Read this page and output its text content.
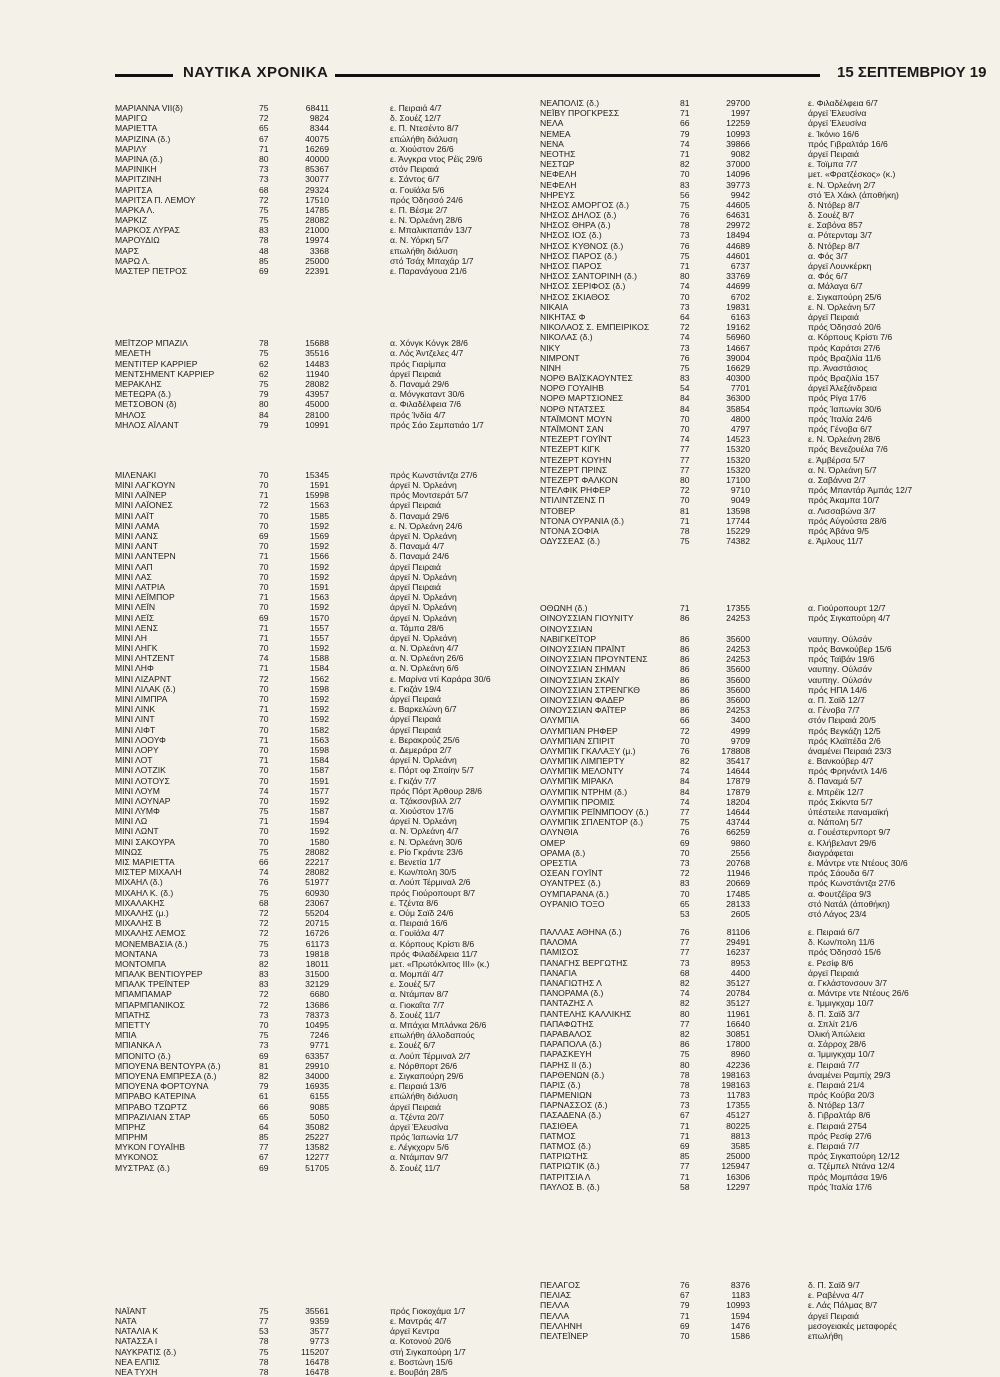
ΝΑΥΤΙΚΑ ΧΡΟΝΙΚΑ	15 ΣΕΠΤΕΜΒΡΙΟΥ 19
ΜΑΡΙΑΝΝΑ VII(δ)	75	68411	ε. Πειραιά 4/7
ΜΑΡΙΓΩ	72	9824	δ. Σουέζ 12/7
ΜΑΡΙΕΤΤΑ	65	8344	ε. Π. Ντεσέντο 8/7
ΜΑΡΙΖΙΝΑ (δ.)	67	40075	επώλήθη διάλυση
ΜΑΡΙΛΥ	71	16269	α. Χιούστον 26/6
ΜΑΡΙΝΑ (δ.)	80	40000	ε. Άνγκρα ντος Ρέϊς 29/6
ΜΑΡΙΝΙΚΗ	73	85367	στόν Πειραιά
ΜΑΡΙΤΖΙΝΗ	73	30077	ε. Σάντος 6/7
ΜΑΡΙΤΣΑ	68	29324	α. Γουϊάλα 5/6
ΜΑΡΙΤΣΑ Π. ΛΕΜΟΥ	72	17510	πρός Όδησσό 24/6
ΜΑΡΚΑ Λ.	75	14785	ε. Π. Βέσμε 2/7
ΜΑΡΚΙΖ	75	28082	ε. Ν. Όρλεάνη 28/6
ΜΑΡΚΟΣ ΛΥΡΑΣ	83	21000	ε. Μπαλικπαπάν 13/7
ΜΑΡΟΥΔΙΩ	78	19974	α. Ν. Υόρκη 5/7
ΜΑΡΣ	48	3368	επωλήθη διάλυση
ΜΑΡΩ Λ.	85	25000	στό Τσάχ Μπαχάρ 1/7
ΜΑΣΤΕΡ ΠΕΤΡΟΣ	69	22391	ε. Παρανάγουα 21/6
ΜΕΪΤΖΟΡ ΜΠΑΖΙΛ	78	15688	α. Χόνγκ Κόνγκ 28/6
ΜΕΛΕΤΗ	75	35516	α. Λός Άντζελες 4/7
ΜΕΝΤΙΤΕΡ ΚΑΡΡΙΕΡ	62	14483	πρός Γιαρίμπα
ΜΕΝΤΣΗΜΕΝΤ ΚΑΡΡΙΕΡ	62	11940	άργεϊ Πειραιά
ΜΕΡΑΚΛΗΣ	75	28082	δ. Παναμά 29/6
ΜΕΤΕΩΡΑ (δ.)	79	43957	α. Μόνγκαταντ 30/6
ΜΕΤΣΟΒΟΝ (δ)	80	45000	α. Φιλαδέλφεια 7/6
ΜΗΛΟΣ	84	28100	πρός Ίνδία 4/7
ΜΗΛΟΣ ΑΪΛΑΝΤ	79	10991	πρός Σάο Σεμπατιάο 1/7
ΜΙΛΕΝΑΚΙ	70	15345	πρός Κωνστάντζα 27/6
ΜΙΝΙ ΛΑΓΚΟΥΝ	70	1591	άργεϊ Ν. Όρλεάνη
ΜΙΝΙ ΛΑΪΝΕΡ	71	15998	πρός Μοντσεράτ 5/7
ΜΙΝΙ ΛΑΪΟΝΕΣ	72	1563	άργεϊ Πειραιά
ΜΙΝΙ ΛΑΪΤ	70	1585	δ. Παναμά 29/6
ΜΙΝΙ ΛΑΜΑ	70	1592	ε. Ν. Όρλεάνη 24/6
ΜΙΝΙ ΛΑΝΣ	69	1569	άργεϊ Ν. Όρλεάνη
ΜΙΝΙ ΛΑΝΤ	70	1592	δ. Παναμά 4/7
ΜΙΝΙ ΛΑΝΤΕΡΝ	71	1566	δ. Παναμά 24/6
ΜΙΝΙ ΛΑΠ	70	1592	άργεϊ Πειραιά
ΜΙΝΙ ΛΑΣ	70	1592	άργεϊ Ν. Όρλεάνη
ΜΙΝΙ ΛΑΤΡΙΑ	70	1591	άργεϊ Πειραιά
ΜΙΝΙ ΛΕΪΜΠΟΡ	71	1563	άργεϊ Ν. Όρλεάνη
ΜΙΝΙ ΛΕΪΝ	70	1592	άργεϊ Ν. Όρλεάνη
ΜΙΝΙ ΛΕΪΣ	69	1570	άργεϊ Ν. Όρλεάνη
ΜΙΝΙ ΛΕΝΣ	71	1557	α. Τάμπα 28/6
ΜΙΝΙ ΛΗ	71	1557	άργεϊ Ν. Όρλεάνη
ΜΙΝΙ ΛΗΓΚ	70	1592	α. Ν. Όρλεάνη 4/7
ΜΙΝΙ ΛΗΤΖΕΝΤ	74	1588	α. Ν. Όρλεάνη 26/6
ΜΙΝΙ ΛΗΦ	71	1584	α. Ν. Όρλεάνη 6/6
ΜΙΝΙ ΛΙΖΑΡΝΤ	72	1562	ε. Μαρίνα ντί Καράρα 30/6
ΜΙΝΙ ΛΙΛΑΚ (δ.)	70	1598	ε. Γκιζάν 19/4
ΜΙΝΙ ΛΙΜΠΡΑ	70	1592	άργεϊ Πειραιά
ΜΙΝΙ ΛΙΝΚ	71	1592	ε. Βαρκελώνη 6/7
ΜΙΝΙ ΛΙΝΤ	70	1592	άργεϊ Πειραιά
ΜΙΝΙ ΛΙΦΤ	70	1582	άργεϊ Πειραιά
ΜΙΝΙ ΛΟΟΥΦ	71	1563	ε. Βερακρούζ 25/6
ΜΙΝΙ ΛΟΡΥ	70	1598	α. Δεμεράρα 2/7
ΜΙΝΙ ΛΟΤ	71	1584	άργεϊ Ν. Όρλεάνη
ΜΙΝΙ ΛΟΤΖΙΚ	70	1587	ε. Πόρτ οφ Σπαίην 5/7
ΜΙΝΙ ΛΟΤΟΥΣ	70	1591	ε. Γκιζάν 7/7
ΜΙΝΙ ΛΟΥΜ	74	1577	πρός Πόρτ Άρθουρ 28/6
ΜΙΝΙ ΛΟΥΝΑΡ	70	1592	α. Τζάκσονβιλλ 2/7
ΜΙΝΙ ΛΥΜΦ	75	1587	α. Χιούστον 17/6
ΜΙΝΙ ΛΩ	71	1594	άργεϊ Ν. Όρλεάνη
ΜΙΝΙ ΛΩΝΤ	70	1592	α. Ν. Όρλεάνη 4/7
ΜΙΝΙ ΣΑΚΟΥΡΑ	70	1580	ε. Ν. Όρλεάνη 30/6
ΜΙΝΩΣ	75	28082	ε. Ρίο Γκράντε 23/6
ΜΙΣ ΜΑΡΙΕΤΤΑ	66	22217	ε. Βενετία 1/7
ΜΙΣΤΕΡ ΜΙΧΑΛΗ	74	28082	ε. Κων/πολη 30/5
ΜΙΧΑΗΛ (δ.)	76	51977	α. Λούπ Τέρμιναλ 2/6
ΜΙΧΑΗΛ Κ. (δ.)	75	60930	πρός Γιούροπουρτ 8/7
ΜΙΧΑΛΑΚΗΣ	68	23067	ε. Τζέντα 8/6
ΜΙΧΑΛΗΣ (μ.)	72	55204	ε. Ούμ Σαϊδ 24/6
ΜΙΧΑΛΗΣ Β	72	20715	α. Πειραιά 16/6
ΜΙΧΑΛΗΣ ΛΕΜΟΣ	72	16726	α. Γουϊάλα 4/7
ΜΟΝΕΜΒΑΣΙΑ (δ.)	75	61173	α. Κόρπους Κρίστι 8/6
ΜΟΝΤΑΝΑ	73	19818	πρός Φιλαδέλφεια 11/7
ΜΟΝΤΟΜΠΑ	82	18011	μετ. «Πρωτόκλιτος ΙΙΙ» (κ.)
ΜΠΑΛΚ ΒΕΝΤΙΟΥΡΕΡ	83	31500	α. Μομπάϊ 4/7
ΜΠΑΛΚ ΤΡΕΪΝΤΕΡ	83	32129	ε. Σουέζ 5/7
ΜΠΑΜΠΑΜΑΡ	72	6680	α. Ντάμπαν 8/7
ΜΠΑΡΜΠΑΝΙΚΟΣ	72	13686	α. Γιοκαΐτα 7/7
ΜΠΑΤΗΣ	73	78373	δ. Σουέζ 11/7
ΜΠΕΤΤΥ	70	10495	α. Μπάχια Μπλάνκα 26/6
ΜΠΙΑ	75	7246	επωλήθη άλλοδαπούς
ΜΠΙΑΝΚΑ Λ	73	9771	ε. Σουέζ 6/7
ΜΠΟΝΙΤΟ (δ.)	69	63357	α. Λούπ Τέρμιναλ 2/7
ΜΠΟΥΕΝΑ ΒΕΝΤΟΥΡΑ (δ.)	81	29910	ε. Νόρθπορτ 26/6
ΜΠΟΥΕΝΑ ΕΜΠΡΕΣΑ (δ.)	82	34000	ε. Σιγκαπούρη 29/6
ΜΠΟΥΕΝΑ ΦΟΡΤΟΥΝΑ	79	16935	ε. Πειραιά 13/6
ΜΠΡΑΒΟ ΚΑΤΕΡΙΝΑ	61	6155	επώλήθη διάλυση
ΜΠΡΑΒΟ ΤΖΩΡΤΖ	66	9085	άργεϊ Πειραιά
ΜΠΡΑΖΙΛΙΑΝ ΣΤΑΡ	65	5050	α. Τζέντα 20/7
ΜΠΡΗΖ	64	35082	άργεϊ Έλευσίνα
ΜΠΡΗΜ	85	25227	πρός Ίαπωνία 1/7
ΜΥΚΟΝ ΓΟΥΑΪΗΒ	77	13582	ε. Λέγκχορν 5/6
ΜΥΚΟΝΟΣ	67	12277	α. Ντάμπαν 9/7
ΜΥΣΤΡΑΣ (δ.)	69	51705	δ. Σουέζ 11/7
ΝΑΪΑΝΤ	75	35561	πρός Γιοκοχάμα 1/7
ΝΑΤΑ	77	9359	ε. Μαντράς 4/7
ΝΑΤΑΛΙΑ Κ	53	3577	άργεϊ Κεντρα
ΝΑΤΑΣΣΑ Ι	78	9773	α. Κοτονού 20/6
ΝΑΥΚΡΑΤΙΣ (δ.)	75	115207	στή Σιγκαπούρη 1/7
ΝΕΑ ΕΛΠΙΣ	78	16478	ε. Βοστώνη 15/6
ΝΕΑ ΤΥΧΗ	78	16478	ε. Βουβάη 28/5
ΝΕΑΠΟΛΙΣ (δ.)	81	29700	ε. Φιλαδέλφεια 6/7
ΝΕΪΒΥ ΠΡΟΓΚΡΕΣΣ	71	1997	άργεϊ Έλευσίνα
ΝΕΛΑ	66	12259	άργεϊ Έλευσίνα
ΝΕΜΕΑ	79	10993	ε. Ίκόνιο 16/6
ΝΕΝΑ	74	39866	πρός Γιβραλτάρ 16/6
ΝΕΟΤΗΣ	71	9082	άργεϊ Πειραιά
ΝΕΣΤΩΡ	82	37000	ε. Τοϊμπα 7/7
ΝΕΦΕΛΗ	70	14096	μετ. «Φρατζέσκος» (κ.)
ΝΕΦΕΛΗ	83	39773	ε. Ν. Όρλεάνη 2/7
ΝΗΡΕΥΣ	56	9942	στό Έλ Χάκλ (άποθήκη)
ΝΗΣΟΣ ΑΜΟΡΓΟΣ (δ.)	75	44605	δ. Ντόβερ 8/7
ΝΗΣΟΣ ΔΗΛΟΣ (δ.)	76	64631	δ. Σουέζ 8/7
ΝΗΣΟΣ ΘΗΡΑ (δ.)	78	29972	ε. Σαβόνα 857
ΝΗΣΟΣ ΙΟΣ (δ.)	73	18494	α. Ρότερνταμ 3/7
ΝΗΣΟΣ ΚΥΘΝΟΣ (δ.)	76	44689	δ. Ντόβερ 8/7
ΝΗΣΟΣ ΠΑΡΟΣ (δ.)	75	44601	α. Φός 3/7
ΝΗΣΟΣ ΠΑΡΟΣ	71	6737	άργεϊ Λουνκέρκη
ΝΗΣΟΣ ΣΑΝΤΟΡΙΝΗ (δ.)	80	33769	α. Φός 6/7
ΝΗΣΟΣ ΣΕΡΙΦΟΣ (δ.)	74	44699	α. Μάλαγα 6/7
ΝΗΣΟΣ ΣΚΙΑΘΟΣ	70	6702	ε. Σιγκαπούρη 25/6
ΝΙΚΑΙΑ	73	19831	ε. Ν. Όρλεάνη 5/7
ΝΙΚΗΤΑΣ Φ	64	6163	άργεϊ Πειραιά
ΝΙΚΟΛΑΟΣ Σ. ΕΜΠΕΙΡΙΚΟΣ	72	19162	πρός Όδησσό 20/6
ΝΙΚΟΛΑΣ (δ.)	74	56960	α. Κόρπους Κρίστι 7/6
ΝΙΚΥ	73	14667	πρός Καράτσι 27/6
ΝΙΜΡΟΝΤ	76	39004	πρός Βραζιλία 11/6
ΝΙΝΗ	75	16629	πρ. Άναστάσιος
ΝΟΡΘ ΒΑΪΣΚΑΟΥΝΤΕΣ	83	40300	πρός Βραζιλία 157
ΝΟΡΘ ΓΟΥΑΙΗΒ	54	7701	άργεϊ Άλεξάνδρεια
ΝΟΡΘ ΜΑΡΤΣΙΟΝΕΣ	84	36300	πρός Ρίγα 17/6
ΝΟΡΘ ΝΤΑΤΣΕΣ	84	35854	πρός Ίαπωνία 30/6
ΝΤΑΪΜΟΝΤ ΜΟΥΝ	70	4800	πρός Ίταλία 24/6
ΝΤΑΪΜΟΝΤ ΣΑΝ	70	4797	πρός Γένοβα 6/7
ΝΤΕΖΕΡΤ ΓΟΥΪΝΤ	74	14523	ε. Ν. Όρλεάνη 28/6
ΝΤΕΖΕΡΤ ΚΙΓΚ	77	15320	πρός Βενεζουέλα 7/6
ΝΤΕΖΕΡΤ ΚΟΥΗΝ	77	15320	ε. Άμβέρσα 5/7
ΝΤΕΖΕΡΤ ΠΡΙΝΣ	77	15320	α. Ν. Όρλεάνη 5/7
ΝΤΕΖΕΡΤ ΦΑΛΚΟΝ	80	17100	α. Σαβάννα 2/7
ΝΤΕΛΦΙΚ ΡΗΦΕΡ	72	9710	πρός Μπαντάρ Άμπάς 12/7
ΝΤΙΛΙΝΤΖΕΝΣ Π	70	9049	πρός Άκαμπα 10/7
ΝΤΟΒΕΡ	81	13598	α. Λισσαβώνα 3/7
ΝΤΟΝΑ ΟΥΡΑΝΙΑ (δ.)	71	17744	πρός Αύγούστα 28/6
ΝΤΟΝΑ ΣΟΦΙΑ	78	15229	πρός Άβάνα 9/5
ΟΔΥΣΣΕΑΣ (δ.)	75	74382	ε. Άμλους 11/7
ΟΘΩΝΗ (δ.)	71	17355	α. Γιούροπουρτ 12/7
ΟΙΝΟΥΣΣΙΑΝ ΓΙΟΥΝΙΤΥ	86	24253	πρός Σιγκαπούρη 4/7
ΟΙΝΟΥΣΣΙΑΝ
ΝΑΒΙΓΚΕΪΤΟΡ	86	35600	ναυπηγ. Ούλσάν
ΟΙΝΟΥΣΣΙΑΝ ΠΡΑΪΝΤ	86	24253	πρός Βανκούβερ 15/6
ΟΙΝΟΥΣΣΙΑΝ ΠΡΟΥΝΤΕΝΣ	86	24253	πρός Ταϊβάν 19/6
ΟΙΝΟΥΣΣΙΑΝ ΣΗΜΑΝ	86	35600	ναυπηγ. Ούλσάν
ΟΙΝΟΥΣΣΙΑΝ ΣΚΑΪΥ	86	35600	ναυπηγ. Ούλσάν
ΟΙΝΟΥΣΣΙΑΝ ΣΤΡΕΝΓΚΘ	86	35600	πρός ΗΠΑ 14/6
ΟΙΝΟΥΣΣΙΑΝ ΦΑΔΕΡ	86	35600	α. Π. Σαϊδ 12/7
ΟΙΝΟΥΣΣΙΑΝ ΦΑΪΤΕΡ	86	24253	α. Γένοβα 7/7
ΟΛΥΜΠΙΑ	66	3400	στόν Πειραιά 20/5
ΟΛΥΜΠΙΑΝ ΡΗΦΕΡ	72	4999	πρός Βεγκάζη 12/5
ΟΛΥΜΠΙΑΝ ΣΠΙΡΙΤ	70	9709	πρός Κλαϊπέδα 2/6
ΟΛΥΜΠΙΚ ΓΚΑΛΑΞΥ (μ.)	76	178808	άναμένει Πειραιά 23/3
ΟΛΥΜΠΙΚ ΛΙΜΠΕΡΤΥ	82	35417	ε. Βανκούβερ 4/7
ΟΛΥΜΠΙΚ ΜΕΛΟΝΤΥ	74	14644	πρός Φρηνάντλ 14/6
ΟΛΥΜΠΙΚ ΜΙΡΑΚΛ	84	17879	δ. Παναμά 5/7
ΟΛΥΜΠΙΚ ΝΤΡΗΜ (δ.)	84	17879	ε. Μπρέϊκ 12/7
ΟΛΥΜΠΙΚ ΠΡΟΜΙΣ	74	18204	πρός Σκίκντα 5/7
ΟΛΥΜΠΙΚ ΡΕΪΝΜΠΟΟΥ (δ.)	77	14644	ύπέστειλε παναμαϊκή
ΟΛΥΜΠΙΚ ΣΠΛΕΝΤΟΡ (δ.)	75	43744	α. Νάπολη 5/7
ΟΛΥΝΘΙΑ	76	66259	α. Γουέστερνπορτ 9/7
ΟΜΕΡ	69	9860	ε. Κλήβελαντ 29/6
ΟΡΑΜΑ (δ.)	70	2556	διαγράφεται
ΟΡΕΣΤΙΑ	73	20768	ε. Μάντρε ντε Ντέους 30/6
ΟΣΕΑΝ ΓΟΥΪΝΤ	72	11946	πρός Σάουδα 6/7
ΟΥΑΝΤΡΕΣ (δ.)	83	20669	πρός Κωνστάντζα 27/6
ΟΥΜΠΑΡΑΝΑ (δ.)	70	17485	α. Φουτζέϊρα 9/3
ΟΥΡΑΝΙΟ ΤΟΞΟ	65	28133	στό Νατάλ (άποθήκη)
53	2605	στό Λάγος 23/4
ΠΑΛΛΑΣ ΑΘΗΝΑ (δ.)	76	81106	ε. Πειραιά 6/7
ΠΑΛΟΜΑ	77	29491	δ. Κων/πολη 11/6
ΠΑΜΙΣΟΣ	77	16237	πρός Όδησσό 15/6
ΠΑΝΑΓΗΣ ΒΕΡΓΩΤΗΣ	73	8953	ε. Ρεσίφ 8/6
ΠΑΝΑΓΙΑ	68	4400	άργεϊ Πειραιά
ΠΑΝΑΓΙΩΤΗΣ Λ	82	35127	α. Γκλάστονσουν 3/7
ΠΑΝΟΡΑΜΑ (δ.)	74	20784	α. Μάντρε ντε Ντέους 26/6
ΠΑΝΤΑΖΗΣ Λ	82	35127	ε. Ίμμιγκχαμ 10/7
ΠΑΝΤΕΛΗΣ ΚΑΛΛΙΚΗΣ	80	11961	δ. Π. Σαϊδ 3/7
ΠΑΠΑΦΩΤΗΣ	77	16640	α. Σπλίτ 21/6
ΠΑΡΑΒΑΛΟΣ	82	30851	Όλική Άπώλεια
ΠΑΡΑΠΟΛΑ (δ.)	86	17800	α. Σάρροχ 28/6
ΠΑΡΑΣΚΕΥΗ	75	8960	α. Ίμμιγκχαμ 10/7
ΠΑΡΗΣ ΙΙ (δ.)	80	42236	ε. Πειραιά 7/7
ΠΑΡΘΕΝΩΝ (δ.)	78	198163	άναμένει Ραμπίχ 29/3
ΠΑΡΙΣ (δ.)	78	198163	ε. Πειραιά 21/4
ΠΑΡΜΕΝΙΩΝ	73	11783	πρός Κούβα 20/3
ΠΑΡΝΑΣΣΟΣ (δ.)	73	17355	δ. Ντόβερ 13/7
ΠΑΣΑΔΕΝΑ (δ.)	67	45127	δ. Γιβραλτάρ 8/6
ΠΑΣΙΘΕΑ	71	80225	ε. Πειραιά 2754
ΠΑΤΜΟΣ	71	8813	πρός Ρεσίφ 27/6
ΠΑΤΜΟΣ (δ.)	69	3585	ε. Πειραιά 7/7
ΠΑΤΡΙΩΤΗΣ	85	25000	πρός Σιγκαπούρη 12/12
ΠΑΤΡΙΩΤΙΚ (δ.)	77	125947	α. Τζέμπελ Ντάνα 12/4
ΠΑΤΡΙΤΣΙΑ Λ	71	16306	πρός Μομπάσα 19/6
ΠΑΥΛΟΣ Β. (δ.)	58	12297	πρός Ίταλία 17/6
ΠΕΛΑΓΟΣ	76	8376	δ. Π. Σαϊδ 9/7
ΠΕΛΙΑΣ	67	1183	ε. Ραβέννα 4/7
ΠΕΛΛΑ	79	10993	ε. Λάς Πάλμας 8/7
ΠΕΛΛΑ	71	1594	άργεϊ Πειραιά
ΠΕΛΛΗΝΗ	69	1476	μεσογειακές μεταφορές
ΠΕΛΤΕΪΝΕΡ	70	1586	επωλήθη
